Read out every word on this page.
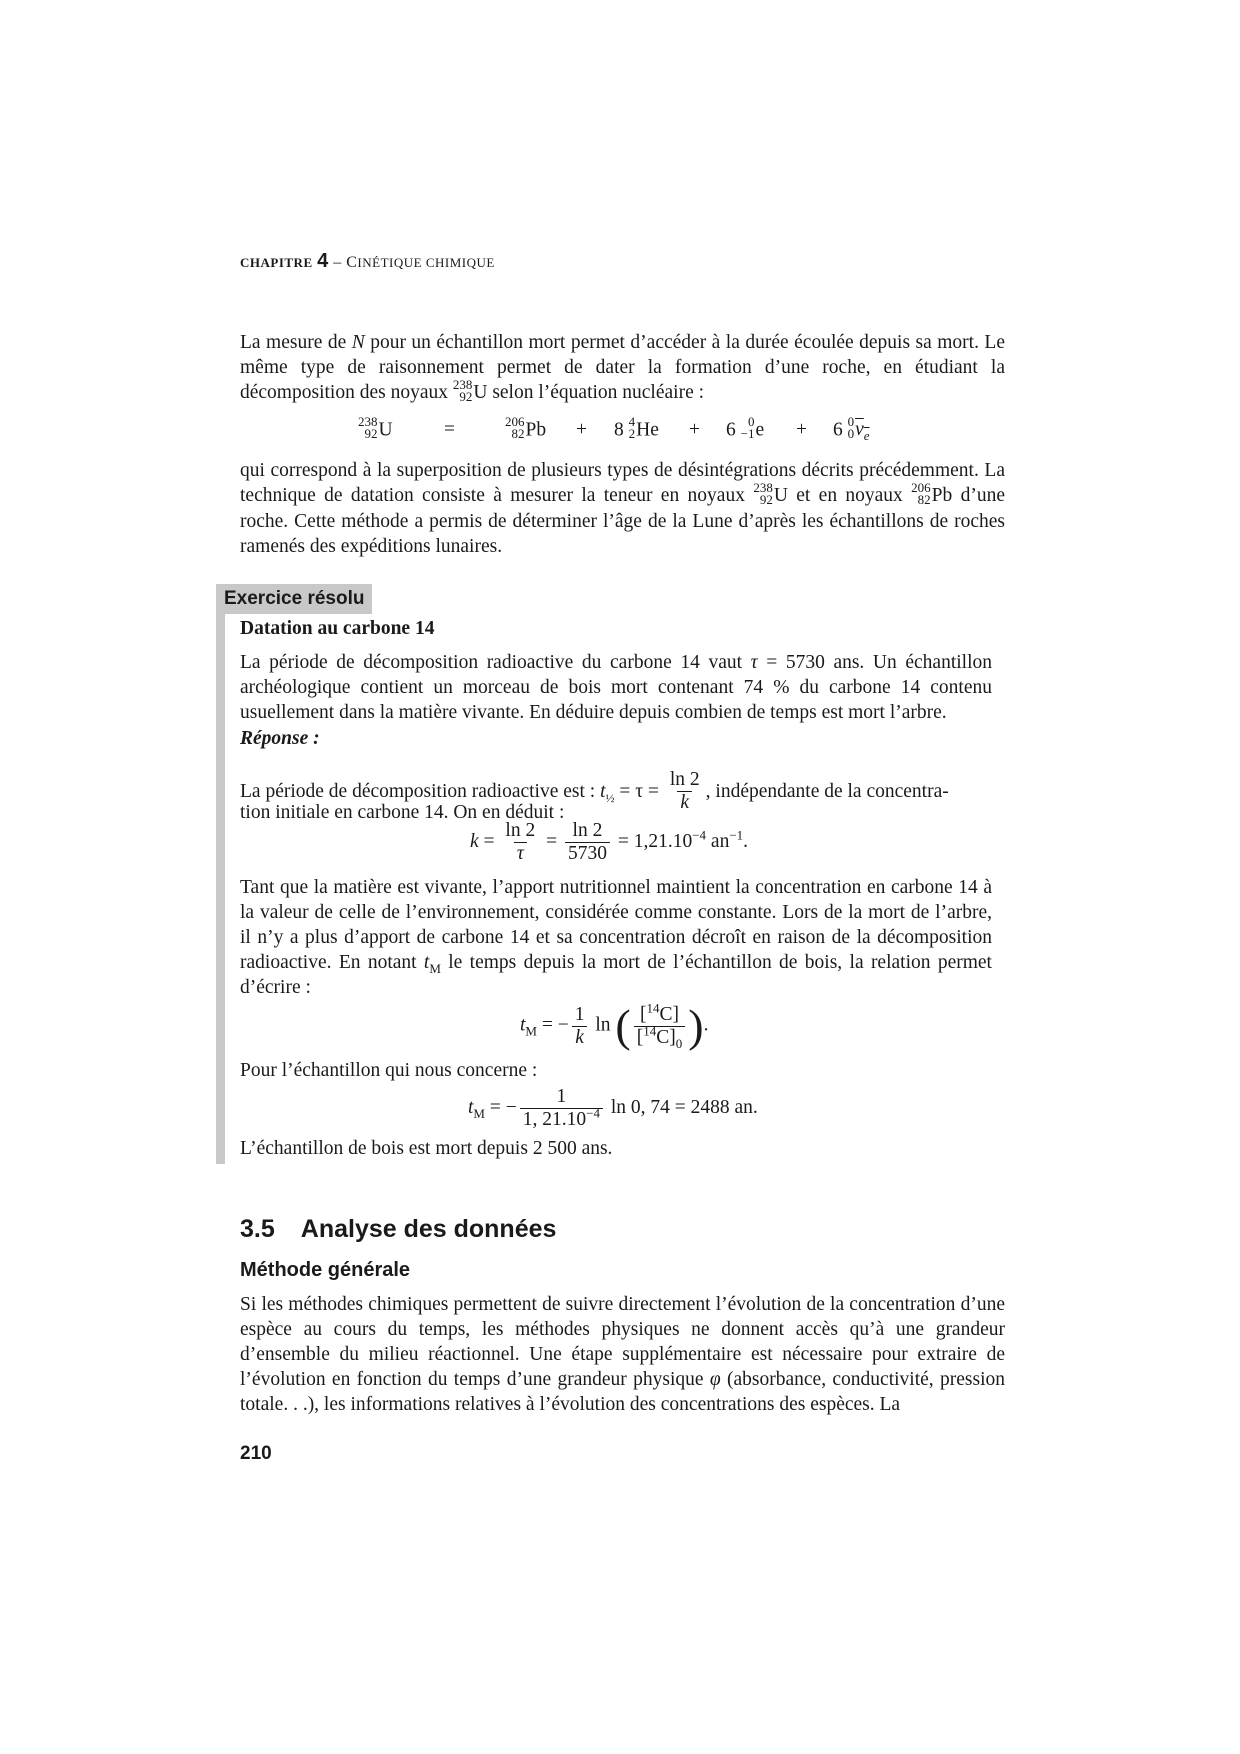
CHAPITRE 4 – CINÉTIQUE CHIMIQUE
La mesure de N pour un échantillon mort permet d’accéder à la durée écoulée depuis sa mort. Le même type de raisonnement permet de dater la formation d’une roche, en étudiant la décomposition des noyaux 238
92 U selon l’équation nucléaire :
238
92 U	=	206
82 Pb + 8 4
2 He + 6 0
−1 e + 6 0
0 $\nu_e$
qui correspond à la superposition de plusieurs types de désintégrations décrits précédemment. La technique de datation consiste à mesurer la teneur en noyaux 238
92 U et en noyaux 206
82 Pb d’une roche. Cette méthode a permis de déterminer l’âge de la Lune d’après les échantillons de roches ramenés des expéditions lunaires.
Exercice résolu
Datation au carbone 14
La période de décomposition radioactive du carbone 14 vaut τ = 5730 ans. Un échantillon archéologique contient un morceau de bois mort contenant 74 % du carbone 14 contenu usuellement dans la matière vivante. En déduire depuis combien de temps est mort l’arbre.
Réponse :
La période de décomposition radioactive est : $t_{\frac{1}{2}} = \tau = \frac{\ln 2}{k}$ , indépendante de la concentra-
tion initiale en carbone 14. On en déduit :
$k = \frac{\ln 2}{\tau} = \frac{\ln 2}{5730} = 1,21.10^{-4}$ $an^{-1}$.
Tant que la matière est vivante, l’apport nutritionnel maintient la concentration en carbone 14 à la valeur de celle de l’environnement, considérée comme constante. Lors de la mort de l’arbre, il n’y a plus d’apport de carbone 14 et sa concentration décroît en raison de la décomposition radioactive. En notant $t_M$ le temps depuis la mort de l’échantillon de bois, la relation permet d’écrire :
$t_M$ = − $\frac{1}{k}$ ln ( $\frac{[^{14}C]}{[^{14}C]_0}$ ).
Pour l’échantillon qui nous concerne :
$t_M$ = − $\frac{1}{1, 21.10^{-4}}$ ln 0, 74 = 2488 an.
L’échantillon de bois est mort depuis 2 500 ans.
3.5 Analyse des données
Méthode générale
Si les méthodes chimiques permettent de suivre directement l’évolution de la concentration d’une espèce au cours du temps, les méthodes physiques ne donnent accès qu’à une grandeur d’ensemble du milieu réactionnel. Une étape supplémentaire est nécessaire pour extraire de l’évolution en fonction du temps d’une grandeur physique φ (absorbance, conductivité, pression totale. . .), les informations relatives à l’évolution des concentrations des espèces. La
210
